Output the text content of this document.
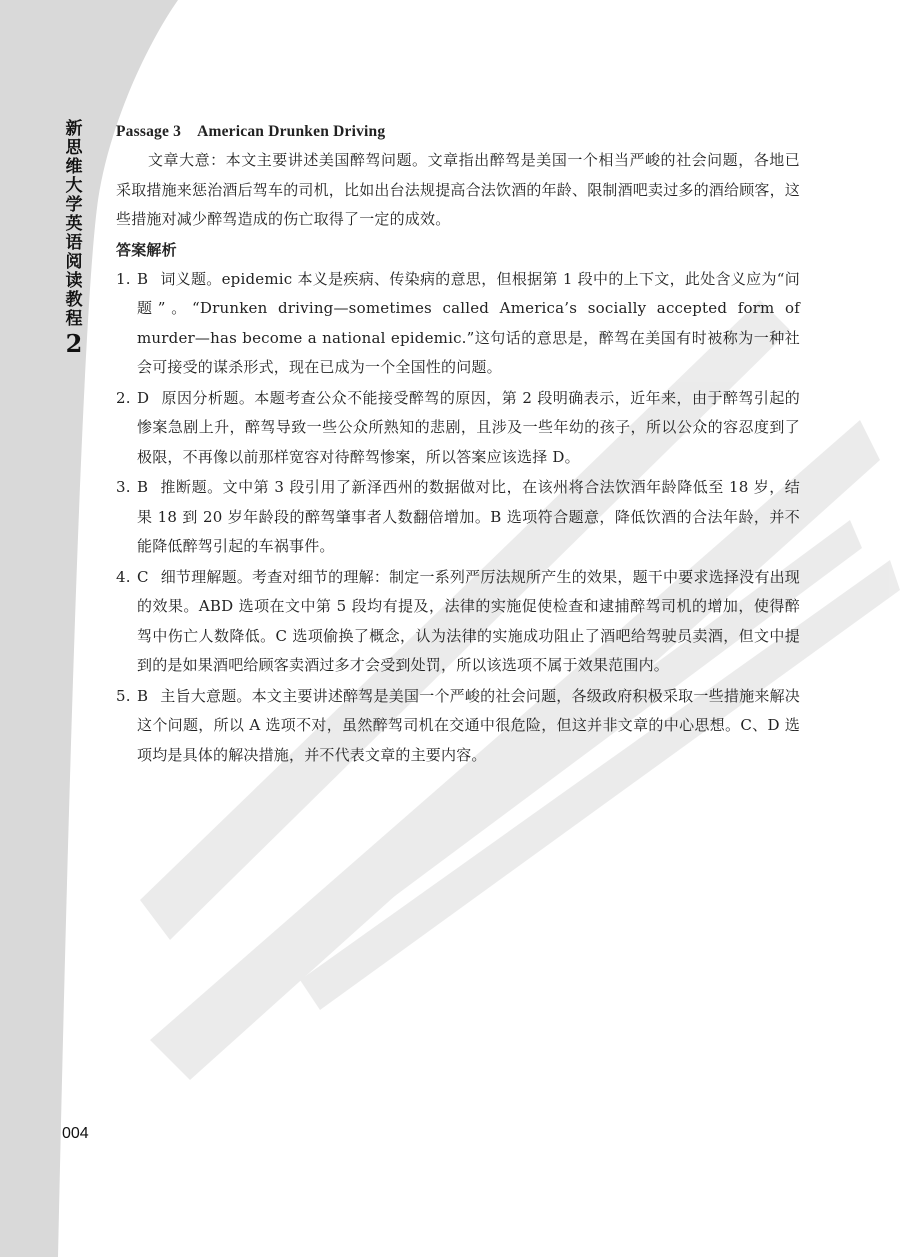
新思维大学英语阅读教程
2

Passage 3 American Drunken Driving

文章大意：本文主要讲述美国醉驾问题。文章指出醉驾是美国一个相当严峻的社会问题，各地已采取措施来惩治酒后驾车的司机，比如出台法规提高合法饮酒的年龄、限制酒吧卖过多的酒给顾客，这些措施对减少醉驾造成的伤亡取得了一定的成效。

答案解析

1. B 词义题。epidemic 本义是疾病、传染病的意思，但根据第 1 段中的上下文，此处含义应为“问题”。“Drunken driving—sometimes called America’s socially accepted form of murder—has become a national epidemic.”这句话的意思是，醉驾在美国有时被称为一种社会可接受的谋杀形式，现在已成为一个全国性的问题。
2. D 原因分析题。本题考查公众不能接受醉驾的原因，第 2 段明确表示，近年来，由于醉驾引起的惨案急剧上升，醉驾导致一些公众所熟知的悲剧，且涉及一些年幼的孩子，所以公众的容忍度到了极限，不再像以前那样宽容对待醉驾惨案，所以答案应该选择 D。
3. B 推断题。文中第 3 段引用了新泽西州的数据做对比，在该州将合法饮酒年龄降低至 18 岁，结果 18 到 20 岁年龄段的醉驾肇事者人数翻倍增加。B 选项符合题意，降低饮酒的合法年龄，并不能降低醉驾引起的车祸事件。
4. C 细节理解题。考查对细节的理解：制定一系列严厉法规所产生的效果，题干中要求选择没有出现的效果。ABD 选项在文中第 5 段均有提及，法律的实施促使检查和逮捕醉驾司机的增加，使得醉驾中伤亡人数降低。C 选项偷换了概念，认为法律的实施成功阻止了酒吧给驾驶员卖酒，但文中提到的是如果酒吧给顾客卖酒过多才会受到处罚，所以该选项不属于效果范围内。
5. B 主旨大意题。本文主要讲述醉驾是美国一个严峻的社会问题，各级政府积极采取一些措施来解决这个问题，所以 A 选项不对，虽然醉驾司机在交通中很危险，但这并非文章的中心思想。C、D 选项均是具体的解决措施，并不代表文章的主要内容。
004
